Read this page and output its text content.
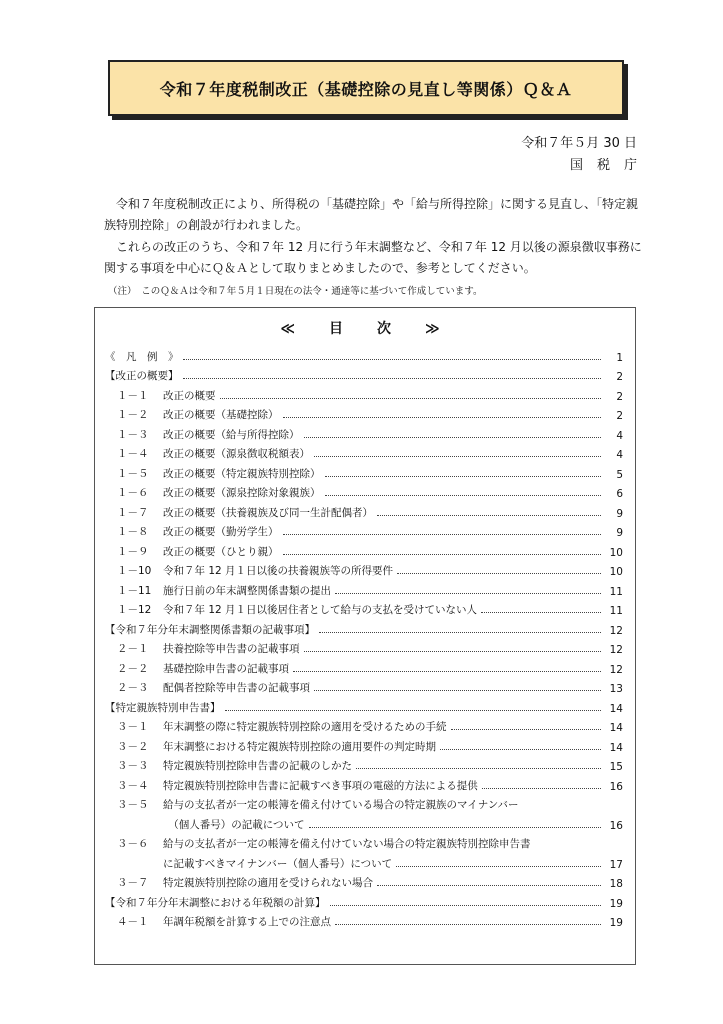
令和７年度税制改正（基礎控除の見直し等関係）Ｑ＆Ａ
令和７年５月 30 日
国税庁

令和７年度税制改正により、所得税の「基礎控除」や「給与所得控除」に関する見直し、「特定親族特別控除」の創設が行われました。

これらの改正のうち、令和７年 12 月に行う年末調整など、令和７年 12 月以後の源泉徴収事務に関する事項を中心にＱ＆Ａとして取りまとめましたので、参考としてください。

（注）　このＱ＆Ａは令和７年５月１日現在の法令・通達等に基づいて作成しています。
≪　目　次　≫
《　凡　例　》	1
【改正の概要】	2
１－１	改正の概要	2
１－２	改正の概要（基礎控除）	2
１－３	改正の概要（給与所得控除）	4
１－４	改正の概要（源泉徴収税額表）	4
１－５	改正の概要（特定親族特別控除）	5
１－６	改正の概要（源泉控除対象親族）	6
１－７	改正の概要（扶養親族及び同一生計配偶者）	9
１－８	改正の概要（勤労学生）	9
１－９	改正の概要（ひとり親）	10
１－10	令和７年 12 月１日以後の扶養親族等の所得要件	10
１－11	施行日前の年末調整関係書類の提出	11
１－12	令和７年 12 月１日以後居住者として給与の支払を受けていない人	11
【令和７年分年末調整関係書類の記載事項】	12
２－１	扶養控除等申告書の記載事項	12
２－２	基礎控除申告書の記載事項	12
２－３	配偶者控除等申告書の記載事項	13
【特定親族特別申告書】	14
３－１	年末調整の際に特定親族特別控除の適用を受けるための手続	14
３－２	年末調整における特定親族特別控除の適用要件の判定時期	14
３－３	特定親族特別控除申告書の記載のしかた	15
３－４	特定親族特別控除申告書に記載すべき事項の電磁的方法による提供	16
３－５	給与の支払者が一定の帳簿を備え付けている場合の特定親族のマイナンバー
　（個人番号）の記載について	16
３－６	給与の支払者が一定の帳簿を備え付けていない場合の特定親族特別控除申告書
に記載すべきマイナンバー（個人番号）について	17
３－７	特定親族特別控除の適用を受けられない場合	18
【令和７年分年末調整における年税額の計算】	19
４－１	年調年税額を計算する上での注意点	19
